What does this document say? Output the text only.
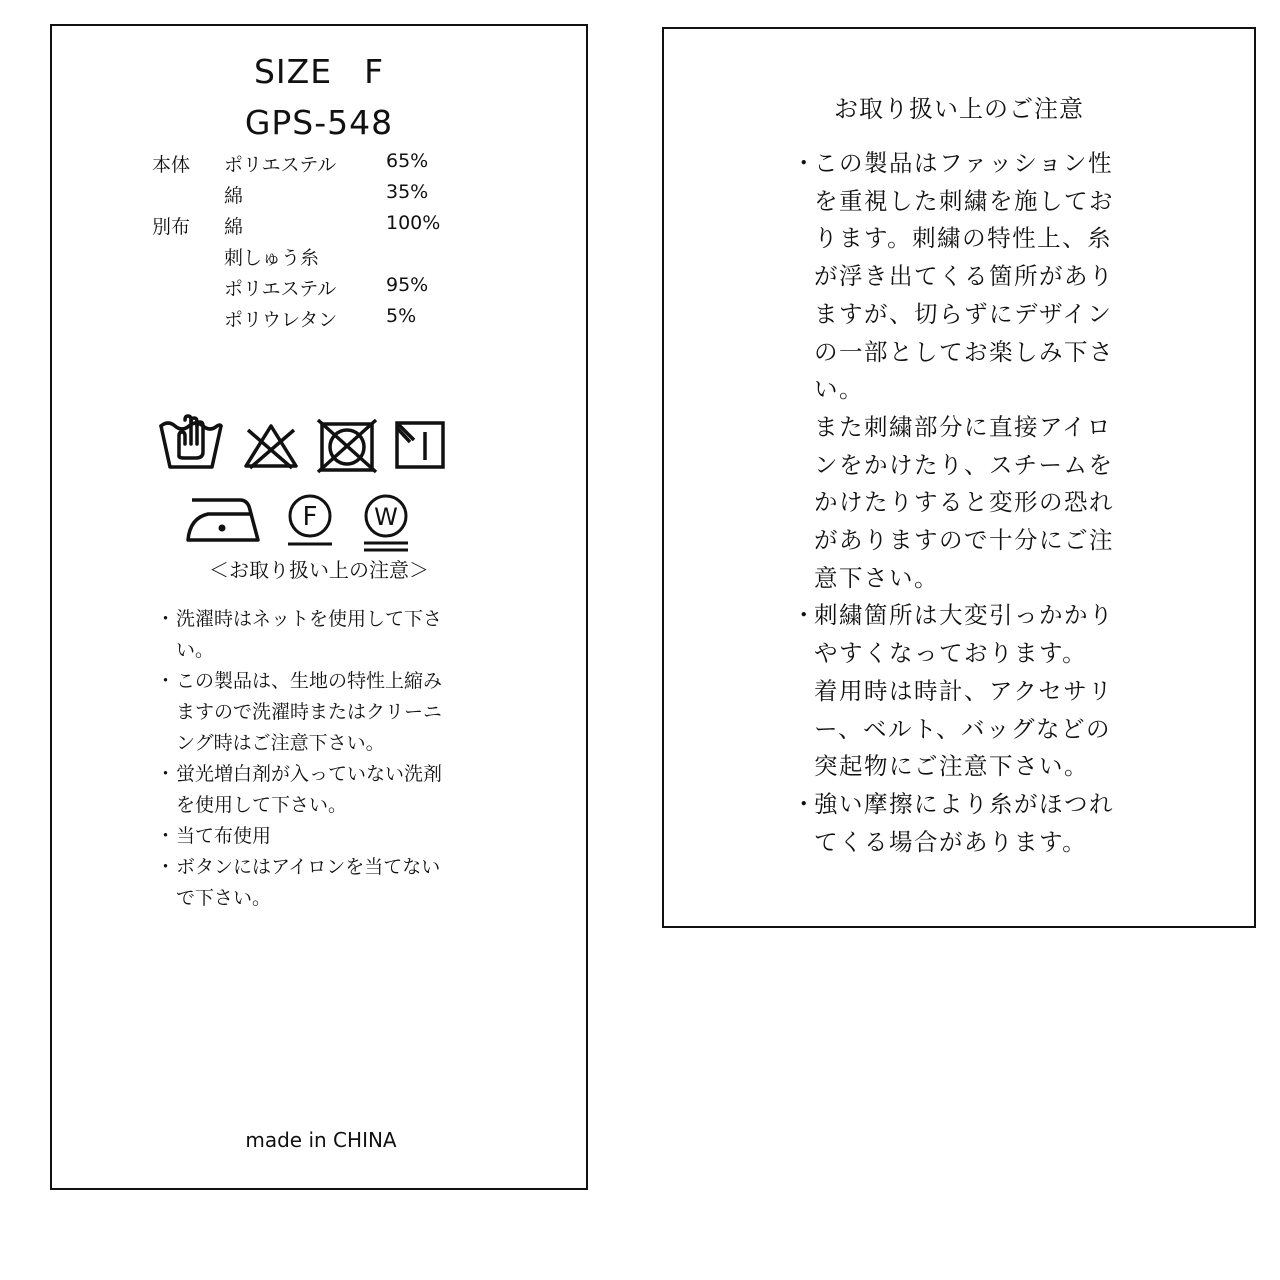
SIZE F
GPS-548
本体 ポリエステル	65%
綿	35%
別布 綿	100%
刺しゅう糸
ポリエステル	95%
ポリウレタン	5%
F W
＜お取り扱い上の注意＞
・ 洗濯時はネットを使用して下さい。
・ この製品は、生地の特性上縮みますので洗濯時またはクリーニング時はご注意下さい。
・ 蛍光増白剤が入っていない洗剤を使用して下さい。
・ 当て布使用
・ ボタンにはアイロンを当てないで下さい。
made in CHINA
お取り扱い上のご注意
・
この製品はファッション性を重視した刺繍を施しております。刺繍の特性上、糸が浮き出てくる箇所がありますが、切らずにデザインの一部としてお楽しみ下さい。
また刺繍部分に直接アイロンをかけたり、スチームをかけたりすると変形の恐れがありますので十分にご注意下さい。
・
刺繍箇所は大変引っかかりやすくなっております。
着用時は時計、アクセサリー、ベルト、バッグなどの突起物にご注意下さい。
・
強い摩擦により糸がほつれてくる場合があります。
